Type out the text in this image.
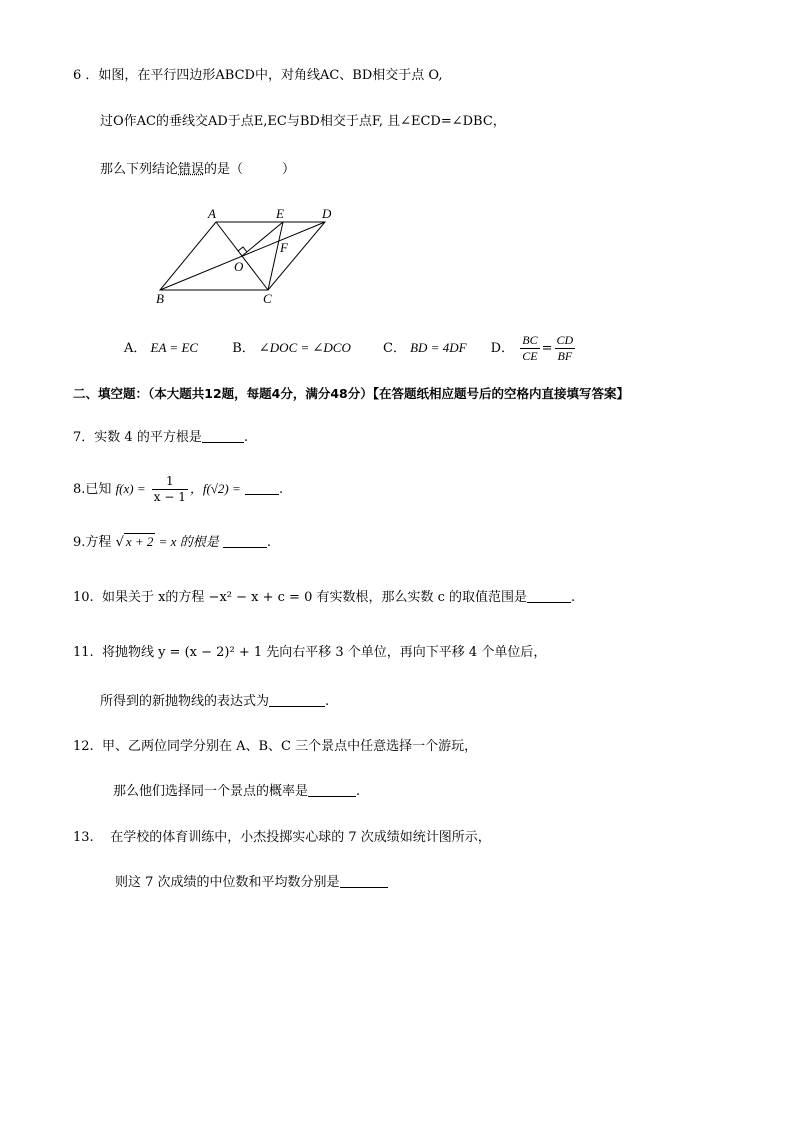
6 ．如图，在平行四边形ABCD中，对角线AC、BD相交于点 O,
过O作AC的垂线交AD于点E,EC与BD相交于点F, 且∠ECD=∠DBC，
那么下列结论错误的是（　　　）
A	E	D
O
F
B	C
A． EA = EC	B． ∠DOC = ∠DCO C． BD = 4DF D． $\frac{BC}{CE} = \frac{CD}{BF}$
二、填空题：（本大题共12题，每题4分，满分48分）【在答题纸相应题号后的空格内直接填写答案】
7．实数 4 的平方根是	.
8.已知 $f(x) = \frac{1}{x - 1}$ ，f(√2) =	.
9.方程 √ x + 2 = x 的根是	.
10. 如果关于 x的方程 −x² − x + c = 0 有实数根，那么实数 c 的取值范围是	.
11. 将抛物线 y = (x − 2)² + 1 先向右平移 3 个单位，再向下平移 4 个单位后，
所得到的新抛物线的表达式为	.
12. 甲、乙两位同学分别在 A、B、C 三个景点中任意选择一个游玩，
那么他们选择同一个景点的概率是	.
13. 在学校的体育训练中，小杰投掷实心球的 7 次成绩如统计图所示，
则这 7 次成绩的中位数和平均数分别是
